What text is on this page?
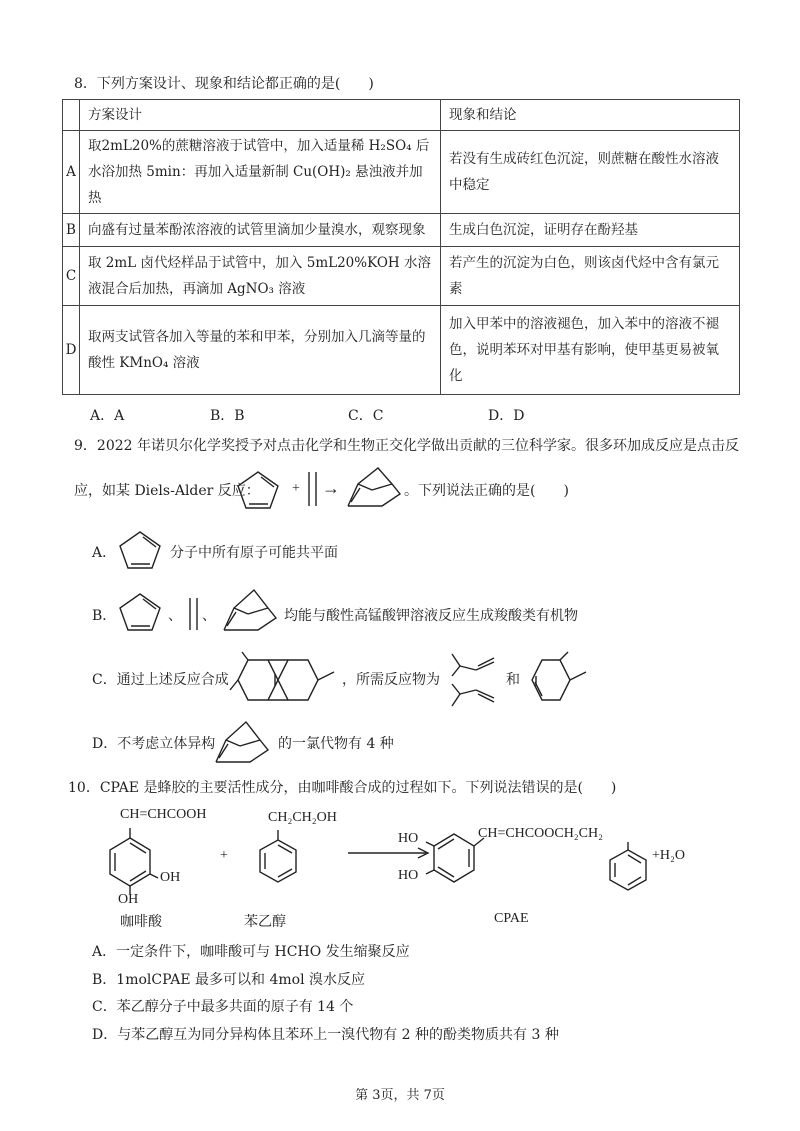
8．下列方案设计、现象和结论都正确的是(　　)
	方案设计	现象和结论
A	取2mL20%的蔗糖溶液于试管中，加入适量稀 H₂SO₄ 后水浴加热 5min：再加入适量新制 Cu(OH)₂ 悬浊液并加热	若没有生成砖红色沉淀，则蔗糖在酸性水溶液中稳定
B	向盛有过量苯酚浓溶液的试管里滴加少量溴水，观察现象	生成白色沉淀，证明存在酚羟基
C	取 2mL 卤代烃样品于试管中，加入 5mL20%KOH 水溶液混合后加热，再滴加 AgNO₃ 溶液	若产生的沉淀为白色，则该卤代烃中含有氯元素
D	取两支试管各加入等量的苯和甲苯，分别加入几滴等量的酸性 KMnO₄ 溶液	加入甲苯中的溶液褪色，加入苯中的溶液不褪色，说明苯环对甲基有影响，使甲基更易被氧化
A．A	B．B	C．C	D．D
9．2022 年诺贝尔化学奖授予对点击化学和生物正交化学做出贡献的三位科学家。很多环加成反应是点击反
应，如某 Diels-Alder 反应： + →	。下列说法正确的是(　　)
A．	分子中所有原子可能共平面
B．	、 、	均能与酸性高锰酸钾溶液反应生成羧酸类有机物
C．通过上述反应合成	，所需反应物为	和
D．不考虑立体异构	的一氯代物有 4 种
10．CPAE 是蜂胶的主要活性成分，由咖啡酸合成的过程如下。下列说法错误的是(　　)
CH=CHCOOH
OH
OH
+
CH₂CH₂OH
HO
HO
CH=CHCOOCH₂CH₂
+H₂O
咖啡酸	苯乙醇	CPAE
A．一定条件下，咖啡酸可与 HCHO 发生缩聚反应
B．1molCPAE 最多可以和 4mol 溴水反应
C．苯乙醇分子中最多共面的原子有 14 个
D．与苯乙醇互为同分异构体且苯环上一溴代物有 2 种的酚类物质共有 3 种
第 3页，共 7页
